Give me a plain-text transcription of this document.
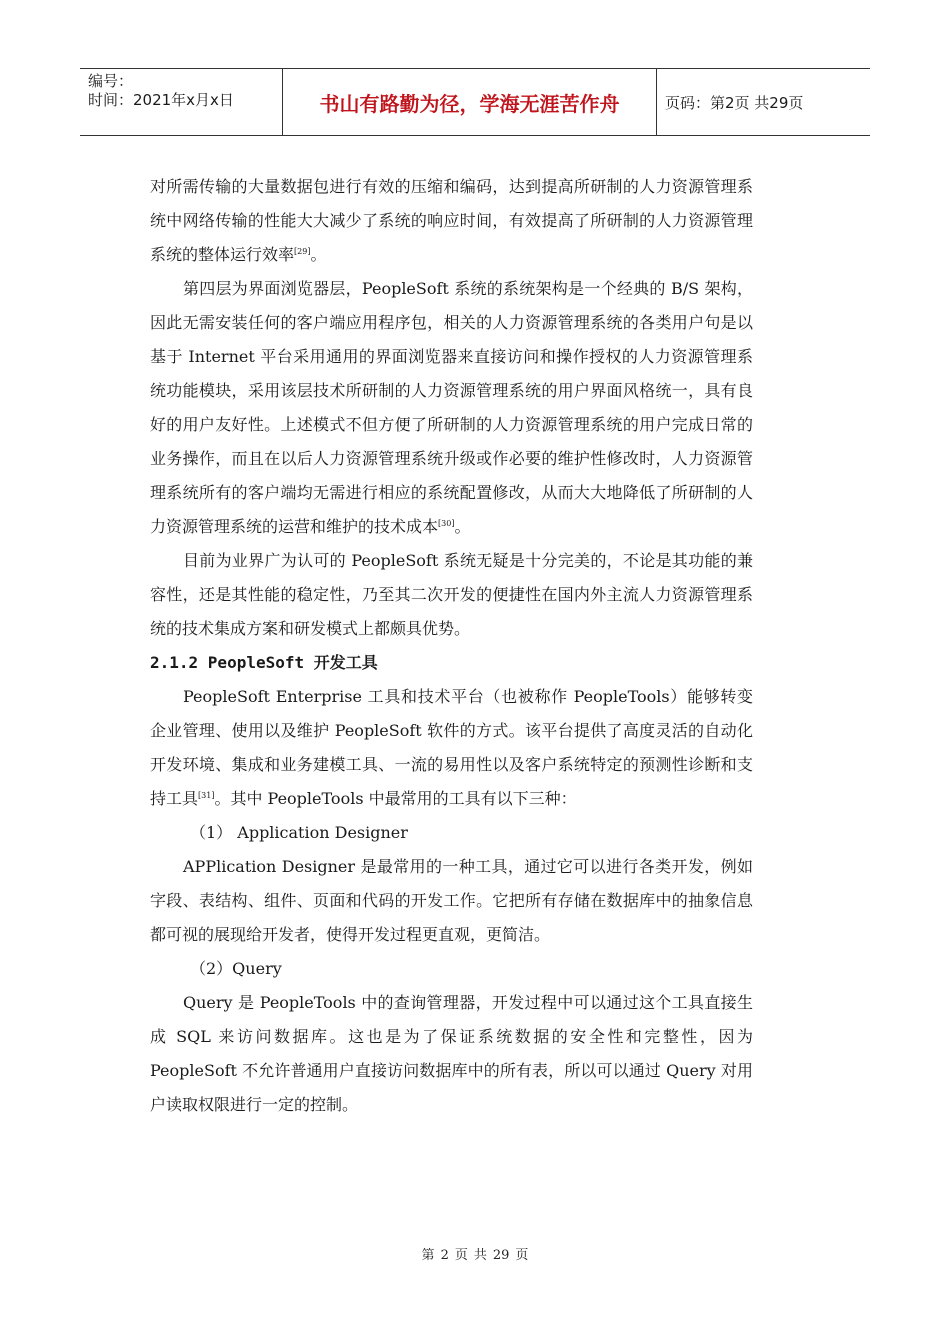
编号：
时间：2021年x月x日	书山有路勤为径，学海无涯苦作舟	页码：第2页 共29页

对所需传输的大量数据包进行有效的压缩和编码，达到提高所研制的人力资源管理系统中网络传输的性能大大减少了系统的响应时间，有效提高了所研制的人力资源管理系统的整体运行效率[29]。

第四层为界面浏览器层，PeopleSoft 系统的系统架构是一个经典的 B/S 架构，因此无需安装任何的客户端应用程序包，相关的人力资源管理系统的各类用户句是以基于 Internet 平台采用通用的界面浏览器来直接访问和操作授权的人力资源管理系统功能模块，采用该层技术所研制的人力资源管理系统的用户界面风格统一，具有良好的用户友好性。上述模式不但方便了所研制的人力资源管理系统的用户完成日常的业务操作，而且在以后人力资源管理系统升级或作必要的维护性修改时，人力资源管理系统所有的客户端均无需进行相应的系统配置修改，从而大大地降低了所研制的人力资源管理系统的运营和维护的技术成本[30]。

目前为业界广为认可的 PeopleSoft 系统无疑是十分完美的，不论是其功能的兼容性，还是其性能的稳定性，乃至其二次开发的便捷性在国内外主流人力资源管理系统的技术集成方案和研发模式上都颇具优势。

2.1.2 PeopleSoft 开发工具

PeopleSoft Enterprise 工具和技术平台（也被称作 PeopleTools）能够转变企业管理、使用以及维护 PeopleSoft 软件的方式。该平台提供了高度灵活的自动化开发环境、集成和业务建模工具、一流的易用性以及客户系统特定的预测性诊断和支持工具[31]。其中 PeopleTools 中最常用的工具有以下三种：

（1） Application Designer

APPlication Designer 是最常用的一种工具，通过它可以进行各类开发，例如字段、表结构、组件、页面和代码的开发工作。它把所有存储在数据库中的抽象信息都可视的展现给开发者，使得开发过程更直观，更简洁。

（2）Query

Query 是 PeopleTools 中的查询管理器，开发过程中可以通过这个工具直接生成 SQL 来访问数据库。这也是为了保证系统数据的安全性和完整性，因为 PeopleSoft 不允许普通用户直接访问数据库中的所有表，所以可以通过 Query 对用户读取权限进行一定的控制。

第 2 页 共 29 页
